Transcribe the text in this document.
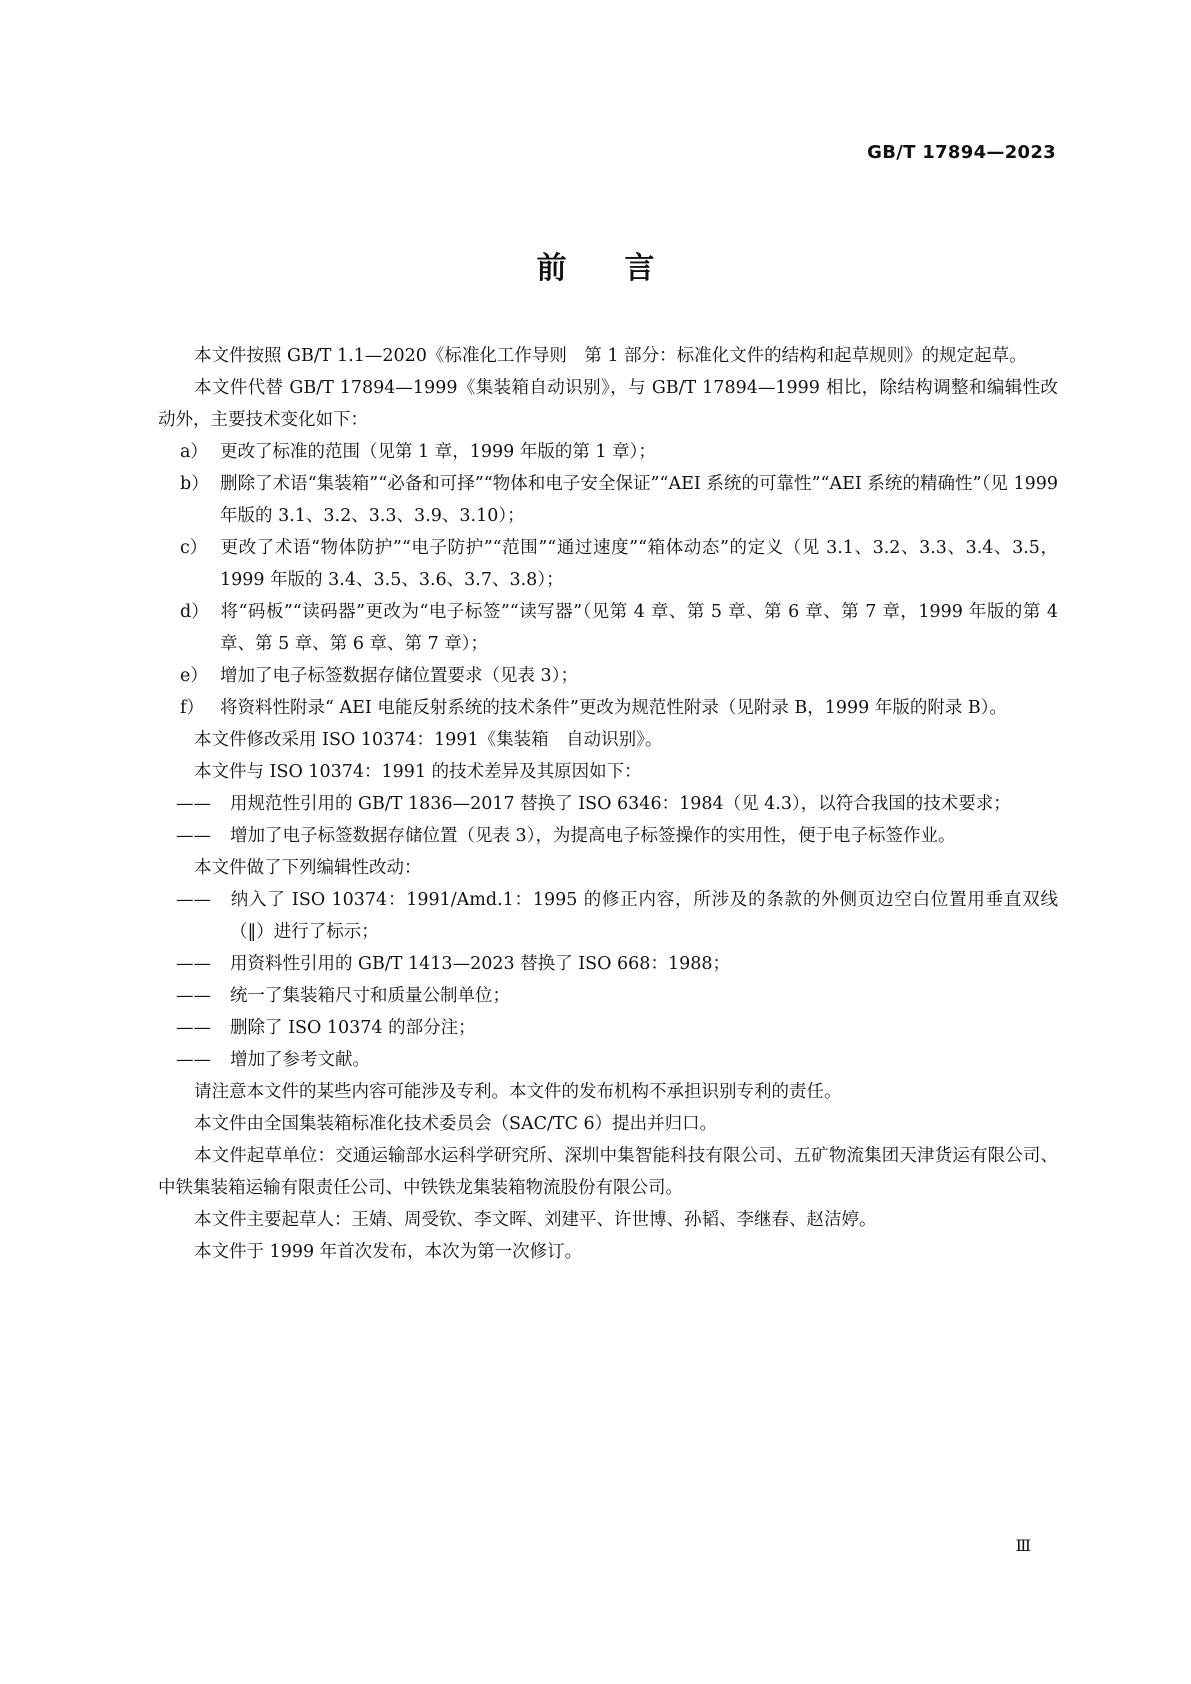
GB/T 17894—2023
前言

本文件按照 GB/T 1.1—2020《标准化工作导则　第 1 部分：标准化文件的结构和起草规则》的规定起草。

本文件代替 GB/T 17894—1999《集装箱自动识别》，与 GB/T 17894—1999 相比，除结构调整和编辑性改动外，主要技术变化如下：

a） 更改了标准的范围（见第 1 章，1999 年版的第 1 章）；

b） 删除了术语“集装箱”“必备和可择”“物体和电子安全保证”“AEI 系统的可靠性”“AEI 系统的精确性”（见 1999 年版的 3.1、3.2、3.3、3.9、3.10）；

c） 更改了术语“物体防护”“电子防护”“范围”“通过速度”“箱体动态”的定义（见 3.1、3.2、3.3、3.4、3.5，1999 年版的 3.4、3.5、3.6、3.7、3.8）；

d） 将“码板”“读码器”更改为“电子标签”“读写器”（见第 4 章、第 5 章、第 6 章、第 7 章，1999 年版的第 4 章、第 5 章、第 6 章、第 7 章）；

e） 增加了电子标签数据存储位置要求（见表 3）；

f） 将资料性附录“ AEI 电能反射系统的技术条件”更改为规范性附录（见附录 B，1999 年版的附录 B）。

本文件修改采用 ISO 10374：1991《集装箱　自动识别》。

本文件与 ISO 10374：1991 的技术差异及其原因如下：

—— 用规范性引用的 GB/T 1836—2017 替换了 ISO 6346：1984（见 4.3），以符合我国的技术要求；

—— 增加了电子标签数据存储位置（见表 3），为提高电子标签操作的实用性，便于电子标签作业。

本文件做了下列编辑性改动：

—— 纳入了 ISO 10374：1991/Amd.1：1995 的修正内容，所涉及的条款的外侧页边空白位置用垂直双线（‖）进行了标示；

—— 用资料性引用的 GB/T 1413—2023 替换了 ISO 668：1988；

—— 统一了集装箱尺寸和质量公制单位；

—— 删除了 ISO 10374 的部分注；

—— 增加了参考文献。

请注意本文件的某些内容可能涉及专利。本文件的发布机构不承担识别专利的责任。

本文件由全国集装箱标准化技术委员会（SAC/TC 6）提出并归口。

本文件起草单位：交通运输部水运科学研究所、深圳中集智能科技有限公司、五矿物流集团天津货运有限公司、中铁集装箱运输有限责任公司、中铁铁龙集装箱物流股份有限公司。

本文件主要起草人：王婧、周受钦、李文晖、刘建平、许世博、孙韬、李继春、赵洁婷。

本文件于 1999 年首次发布，本次为第一次修订。

Ⅲ
